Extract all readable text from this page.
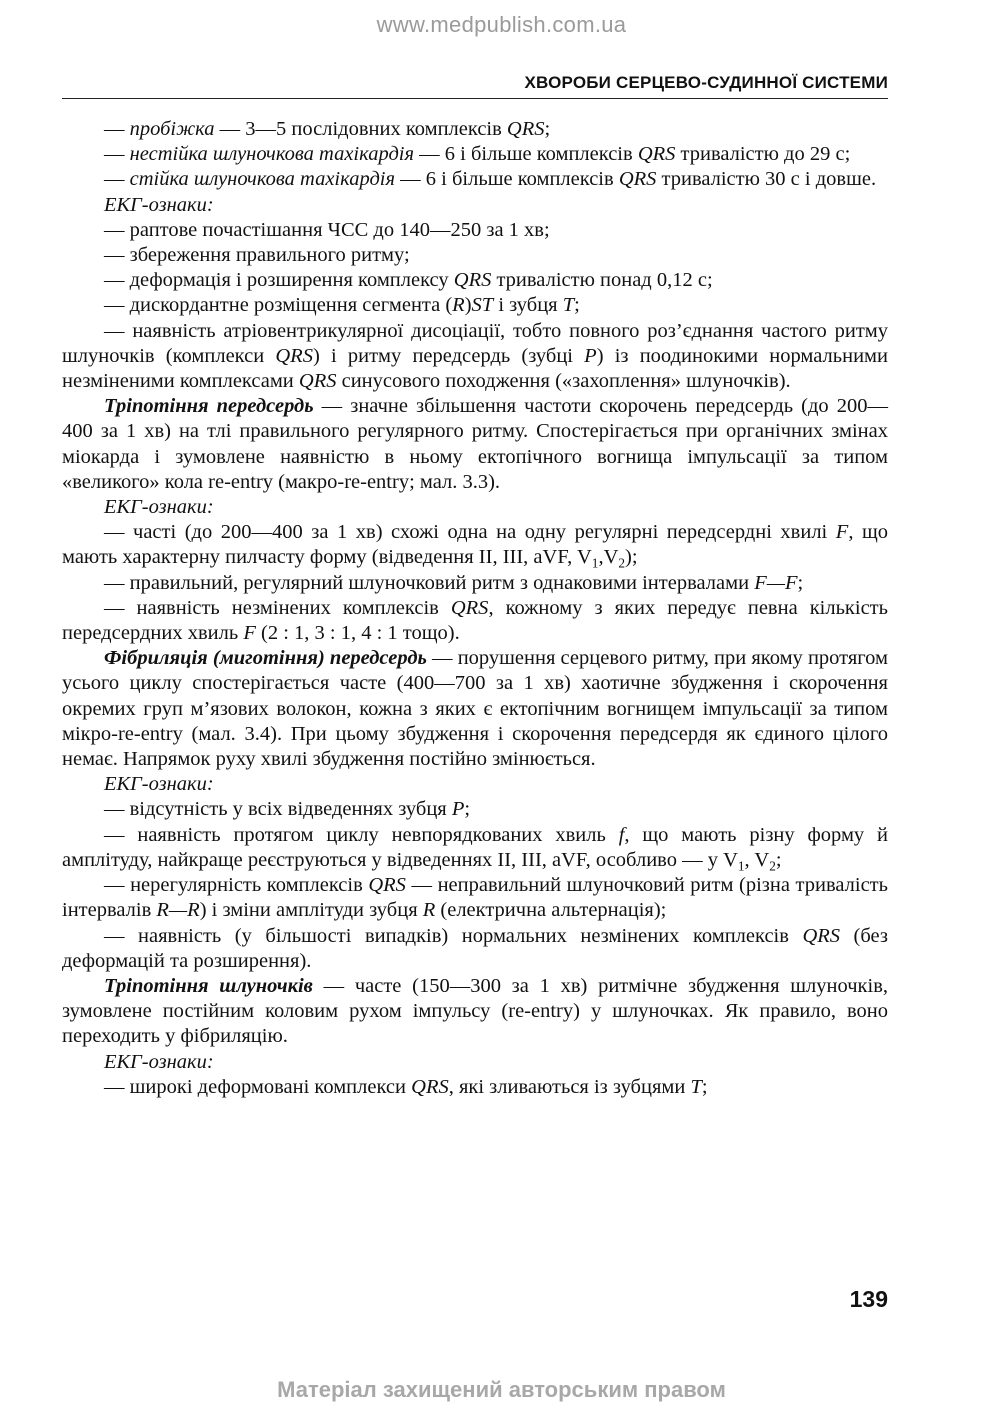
www.medpublish.com.ua
ХВОРОБИ СЕРЦЕВО-СУДИННОЇ СИСТЕМИ

— пробіжка — 3—5 послідовних комплексів QRS;

— нестійка шлуночкова тахікардія — 6 і більше комплексів QRS тривалістю до 29 с;

— стійка шлуночкова тахікардія — 6 і більше комплексів QRS тривалістю 30 с і довше.

ЕКГ-ознаки:

— раптове почастішання ЧСС до 140—250 за 1 хв;

— збереження правильного ритму;

— деформація і розширення комплексу QRS тривалістю понад 0,12 с;

— дискордантне розміщення сегмента (R)ST і зубця T;

— наявність атріовентрикулярної дисоціації, тобто повного роз’єднання частого ритму шлуночків (комплекси QRS) і ритму передсердь (зубці P) із поодинокими нормальними незміненими комплексами QRS синусового походження («захоплення» шлуночків).

Тріпотіння передсердь — значне збільшення частоти скорочень передсердь (до 200—400 за 1 хв) на тлі правильного регулярного ритму. Спостерігається при органічних змінах міокарда і зумовлене наявністю в ньому ектопічного вогнища імпульсації за типом «великого» кола re-entry (макро-re-entry; мал. 3.3).

ЕКГ-ознаки:

— часті (до 200—400 за 1 хв) схожі одна на одну регулярні передсердні хвилі F, що мають характерну пилчасту форму (відведення II, III, aVF, $V_1,V_2$);

— правильний, регулярний шлуночковий ритм з однаковими інтервалами F—F;

— наявність незмінених комплексів QRS, кожному з яких передує певна кількість передсердних хвиль F (2 : 1, 3 : 1, 4 : 1 тощо).

Фібриляція (миготіння) передсердь — порушення серцевого ритму, при якому протягом усього циклу спостерігається часте (400—700 за 1 хв) хаотичне збудження і скорочення окремих груп м’язових волокон, кожна з яких є ектопічним вогнищем імпульсації за типом мікро-re-entry (мал. 3.4). При цьому збудження і скорочення передсердя як єдиного цілого немає. Напрямок руху хвилі збудження постійно змінюється.

ЕКГ-ознаки:

— відсутність у всіх відведеннях зубця P;

— наявність протягом циклу невпорядкованих хвиль f, що мають різну форму й амплітуду, найкраще реєструються у відведеннях II, III, aVF, особливо — у $V_1$, $V_2$;

— нерегулярність комплексів QRS — неправильний шлуночковий ритм (різна тривалість інтервалів R—R) і зміни амплітуди зубця R (електрична альтернація);

— наявність (у більшості випадків) нормальних незмінених комплексів QRS (без деформацій та розширення).

Тріпотіння шлуночків — часте (150—300 за 1 хв) ритмічне збудження шлуночків, зумовлене постійним коловим рухом імпульсу (re-entry) у шлуночках. Як правило, воно переходить у фібриляцію.

ЕКГ-ознаки:

— широкі деформовані комплекси QRS, які зливаються із зубцями T;

139
Матеріал захищений авторським правом
